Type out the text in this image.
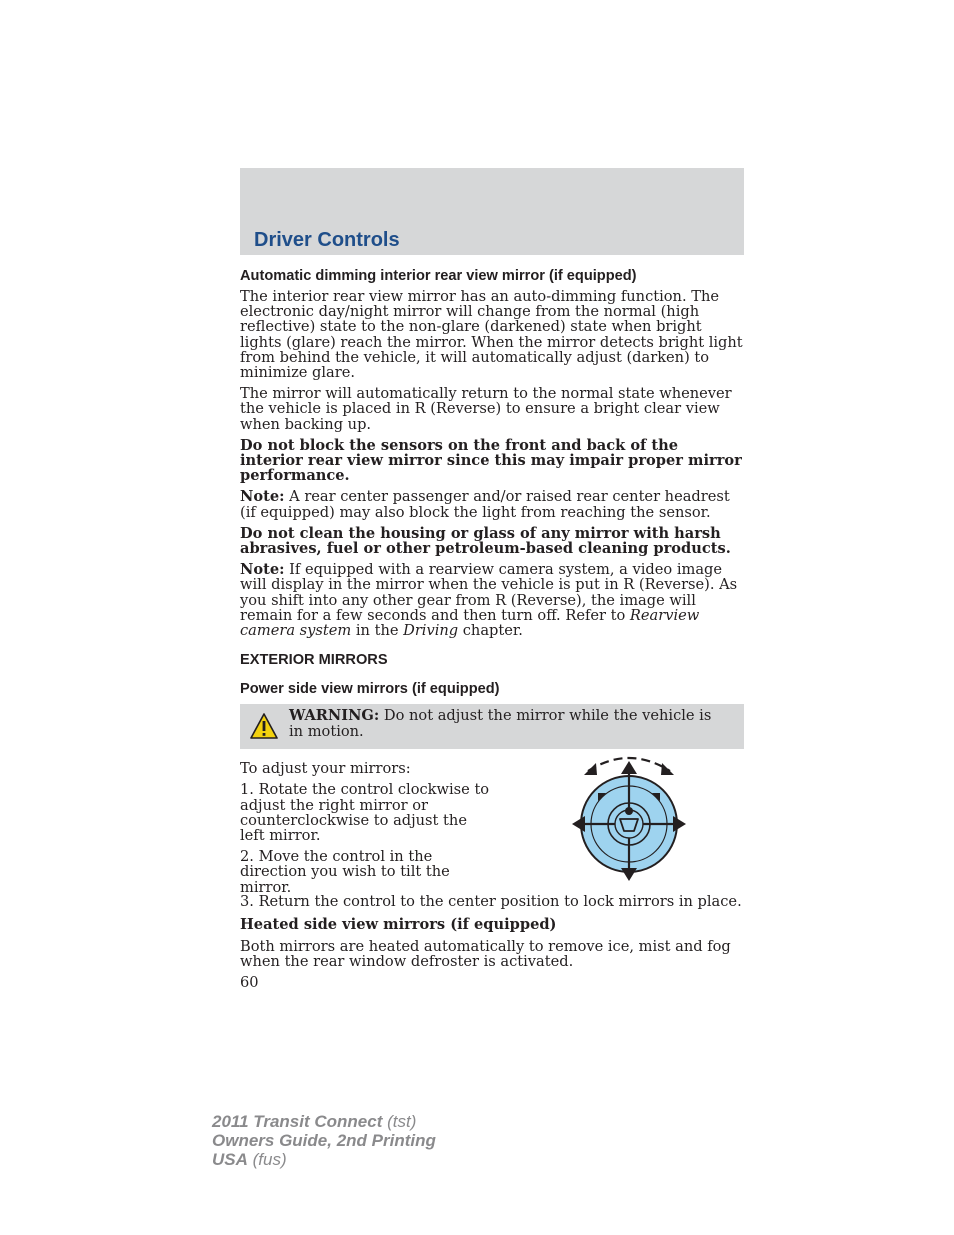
Driver Controls
Automatic dimming interior rear view mirror (if equipped)

The interior rear view mirror has an auto-dimming function. The electronic day/night mirror will change from the normal (high reflective) state to the non-glare (darkened) state when bright lights (glare) reach the mirror. When the mirror detects bright light from behind the vehicle, it will automatically adjust (darken) to minimize glare.

The mirror will automatically return to the normal state whenever the vehicle is placed in R (Reverse) to ensure a bright clear view when backing up.

Do not block the sensors on the front and back of the interior rear view mirror since this may impair proper mirror performance.

Note: A rear center passenger and/or raised rear center headrest (if equipped) may also block the light from reaching the sensor.

Do not clean the housing or glass of any mirror with harsh abrasives, fuel or other petroleum-based cleaning products.

Note: If equipped with a rearview camera system, a video image will display in the mirror when the vehicle is put in R (Reverse). As you shift into any other gear from R (Reverse), the image will remain for a few seconds and then turn off. Refer to Rearview camera system in the Driving chapter.

EXTERIOR MIRRORS
Power side view mirrors (if equipped)
WARNING: Do not adjust the mirror while the vehicle is in motion.

To adjust your mirrors:

1. Rotate the control clockwise to adjust the right mirror or counterclockwise to adjust the left mirror.

2. Move the control in the direction you wish to tilt the mirror.

3. Return the control to the center position to lock mirrors in place.

Heated side view mirrors (if equipped)

Both mirrors are heated automatically to remove ice, mist and fog when the rear window defroster is activated.

60

2011 Transit Connect (tst)
Owners Guide, 2nd Printing
USA (fus)
